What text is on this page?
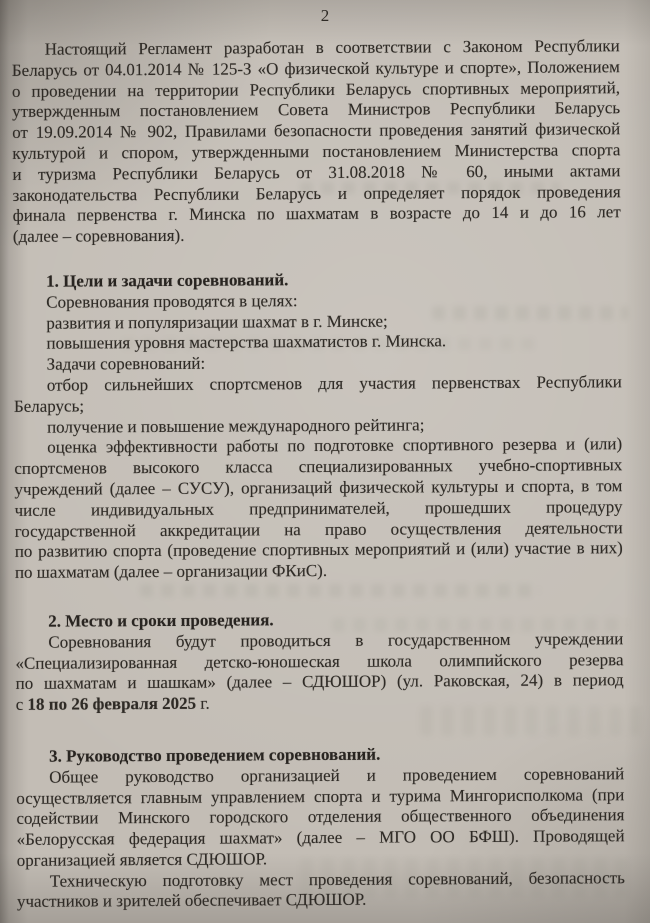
2
Настоящий Регламент разработан в соответствии с Законом Республики
Беларусь от 04.01.2014 № 125-З «О физической культуре и спорте», Положением
о проведении на территории Республики Беларусь спортивных мероприятий,
утвержденным постановлением Совета Министров Республики Беларусь
от 19.09.2014 № 902, Правилами безопасности проведения занятий физической
культурой и спором, утвержденными постановлением Министерства спорта
и туризма Республики Беларусь от 31.08.2018 № 60, иными актами
законодательства Республики Беларусь и определяет порядок проведения
финала первенства г. Минска по шахматам в возрасте до 14 и до 16 лет
(далее – соревнования).
1. Цели и задачи соревнований.
Соревнования проводятся в целях:
развития и популяризации шахмат в г. Минске;
повышения уровня мастерства шахматистов г. Минска.
Задачи соревнований:
отбор сильнейших спортсменов для участия первенствах Республики
Беларусь;
получение и повышение международного рейтинга;
оценка эффективности работы по подготовке спортивного резерва и (или)
спортсменов высокого класса специализированных учебно-спортивных
учреждений (далее – СУСУ), организаций физической культуры и спорта, в том
числе индивидуальных предпринимателей, прошедших процедуру
государственной аккредитации на право осуществления деятельности
по развитию спорта (проведение спортивных мероприятий и (или) участие в них)
по шахматам (далее – организации ФКиС).
2. Место и сроки проведения.
Соревнования будут проводиться в государственном учреждении
«Специализированная детско-юношеская школа олимпийского резерва
по шахматам и шашкам» (далее – СДЮШОР) (ул. Раковская, 24) в период
с 18 по 26 февраля 2025 г.
3. Руководство проведением соревнований.
Общее руководство организацией и проведением соревнований
осуществляется главным управлением спорта и турима Мингорисполкома (при
содействии Минского городского отделения общественного объединения
«Белорусская федерация шахмат» (далее – МГО ОО БФШ). Проводящей
организацией является СДЮШОР.
Техническую подготовку мест проведения соревнований, безопасность
участников и зрителей обеспечивает СДЮШОР.
